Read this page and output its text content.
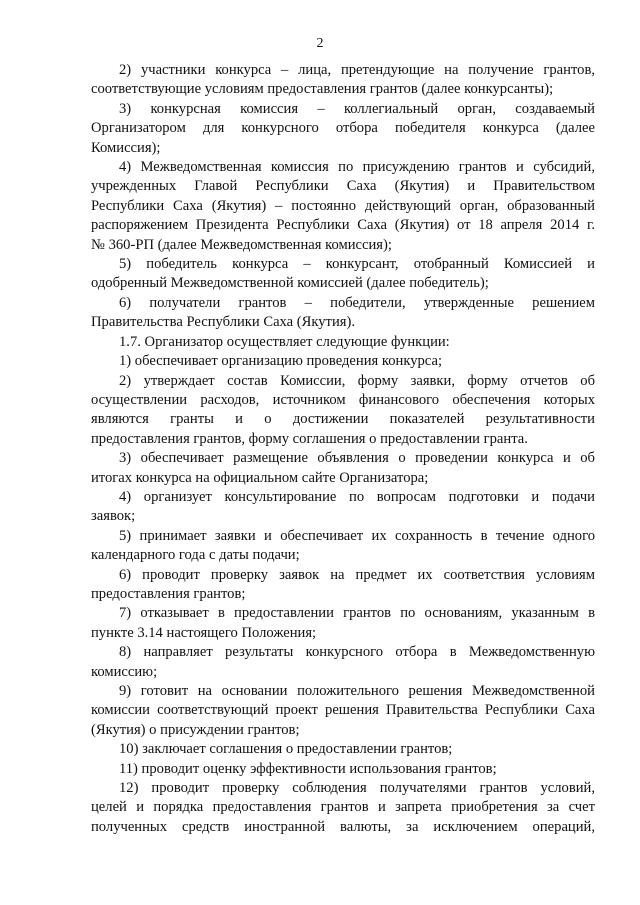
2
2) участники конкурса – лица, претендующие на получение грантов,
соответствующие условиям предоставления грантов (далее конкурсанты);
3) конкурсная комиссия – коллегиальный орган, создаваемый
Организатором для конкурсного отбора победителя конкурса (далее
Комиссия);
4) Межведомственная комиссия по присуждению грантов и субсидий,
учрежденных Главой Республики Саха (Якутия) и Правительством
Республики Саха (Якутия) – постоянно действующий орган, образованный
распоряжением Президента Республики Саха (Якутия) от 18 апреля 2014 г.
№ 360-РП (далее Межведомственная комиссия);
5) победитель конкурса – конкурсант, отобранный Комиссией и
одобренный Межведомственной комиссией (далее победитель);
6) получатели грантов – победители, утвержденные решением
Правительства Республики Саха (Якутия).
1.7. Организатор осуществляет следующие функции:
1) обеспечивает организацию проведения конкурса;
2) утверждает состав Комиссии, форму заявки, форму отчетов об
осуществлении расходов, источником финансового обеспечения которых
являются гранты и о достижении показателей результативности
предоставления грантов, форму соглашения о предоставлении гранта.
3) обеспечивает размещение объявления о проведении конкурса и об
итогах конкурса на официальном сайте Организатора;
4) организует консультирование по вопросам подготовки и подачи
заявок;
5) принимает заявки и обеспечивает их сохранность в течение одного
календарного года с даты подачи;
6) проводит проверку заявок на предмет их соответствия условиям
предоставления грантов;
7) отказывает в предоставлении грантов по основаниям, указанным в
пункте 3.14 настоящего Положения;
8) направляет результаты конкурсного отбора в Межведомственную
комиссию;
9) готовит на основании положительного решения Межведомственной
комиссии соответствующий проект решения Правительства Республики Саха
(Якутия) о присуждении грантов;
10) заключает соглашения о предоставлении грантов;
11) проводит оценку эффективности использования грантов;
12) проводит проверку соблюдения получателями грантов условий,
целей и порядка предоставления грантов и запрета приобретения за счет
полученных средств иностранной валюты, за исключением операций,
